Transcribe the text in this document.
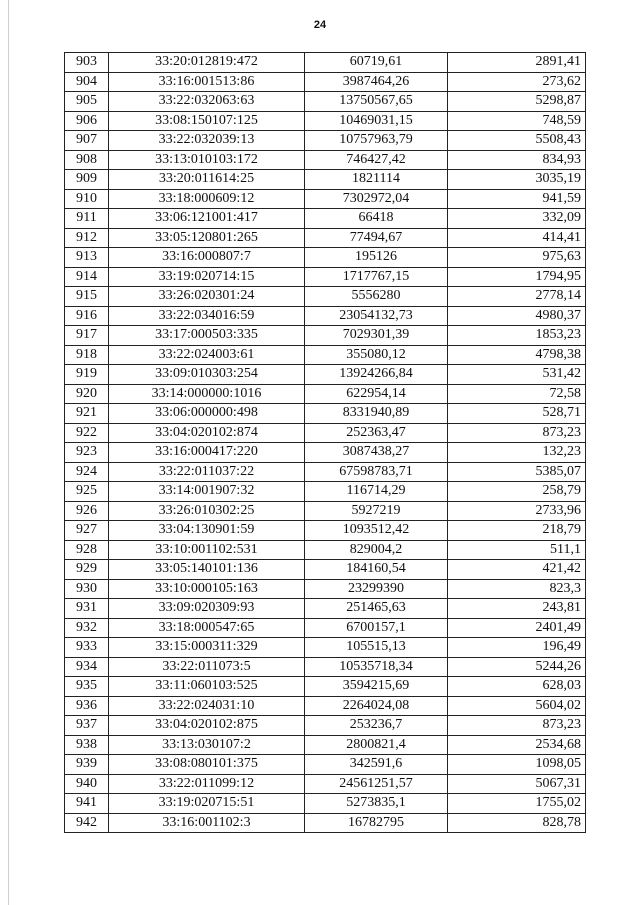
24
903	33:20:012819:472	60719,61	2891,41
904	33:16:001513:86	3987464,26	273,62
905	33:22:032063:63	13750567,65	5298,87
906	33:08:150107:125	10469031,15	748,59
907	33:22:032039:13	10757963,79	5508,43
908	33:13:010103:172	746427,42	834,93
909	33:20:011614:25	1821114	3035,19
910	33:18:000609:12	7302972,04	941,59
911	33:06:121001:417	66418	332,09
912	33:05:120801:265	77494,67	414,41
913	33:16:000807:7	195126	975,63
914	33:19:020714:15	1717767,15	1794,95
915	33:26:020301:24	5556280	2778,14
916	33:22:034016:59	23054132,73	4980,37
917	33:17:000503:335	7029301,39	1853,23
918	33:22:024003:61	355080,12	4798,38
919	33:09:010303:254	13924266,84	531,42
920	33:14:000000:1016	622954,14	72,58
921	33:06:000000:498	8331940,89	528,71
922	33:04:020102:874	252363,47	873,23
923	33:16:000417:220	3087438,27	132,23
924	33:22:011037:22	67598783,71	5385,07
925	33:14:001907:32	116714,29	258,79
926	33:26:010302:25	5927219	2733,96
927	33:04:130901:59	1093512,42	218,79
928	33:10:001102:531	829004,2	511,1
929	33:05:140101:136	184160,54	421,42
930	33:10:000105:163	23299390	823,3
931	33:09:020309:93	251465,63	243,81
932	33:18:000547:65	6700157,1	2401,49
933	33:15:000311:329	105515,13	196,49
934	33:22:011073:5	10535718,34	5244,26
935	33:11:060103:525	3594215,69	628,03
936	33:22:024031:10	2264024,08	5604,02
937	33:04:020102:875	253236,7	873,23
938	33:13:030107:2	2800821,4	2534,68
939	33:08:080101:375	342591,6	1098,05
940	33:22:011099:12	24561251,57	5067,31
941	33:19:020715:51	5273835,1	1755,02
942	33:16:001102:3	16782795	828,78
